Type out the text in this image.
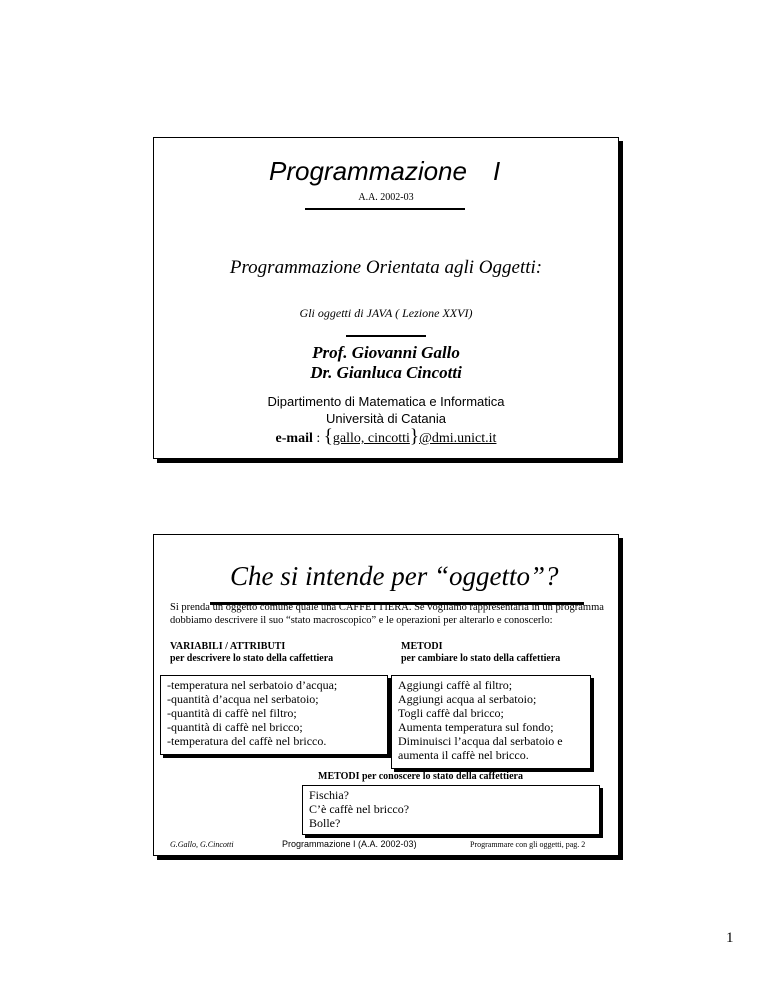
Programmazione I
A.A. 2002-03
Programmazione Orientata agli Oggetti:
Gli oggetti di JAVA ( Lezione XXVI)
Prof. Giovanni Gallo
Dr. Gianluca Cincotti
Dipartimento di Matematica e Informatica
Università di Catania
e-mail : {gallo, cincotti}@dmi.unict.it
Che si intende per “oggetto”?
Si prenda un oggetto comune quale una CAFFETTIERA. Se vogliamo rappresentarla in un programma dobbiamo descrivere il suo “stato macroscopico” e le operazioni per alterarlo e conoscerlo:
VARIABILI / ATTRIBUTI
per descrivere lo stato della caffettiera
METODI
per cambiare lo stato della caffettiera
-temperatura nel serbatoio d’acqua;
-quantità d’acqua nel serbatoio;
-quantità di caffè nel filtro;
-quantità di caffè nel bricco;
-temperatura del caffè nel bricco.
Aggiungi caffè al filtro;
Aggiungi acqua al serbatoio;
Togli caffè dal bricco;
Aumenta temperatura sul fondo;
Diminuisci l’acqua dal serbatoio e
aumenta il caffè nel bricco.
METODI per conoscere lo stato della caffettiera
Fischia?
C’è caffè nel bricco?
Bolle?
G.Gallo, G.Cincotti	Programmazione I (A.A. 2002-03)	Programmare con gli oggetti, pag. 2
1
